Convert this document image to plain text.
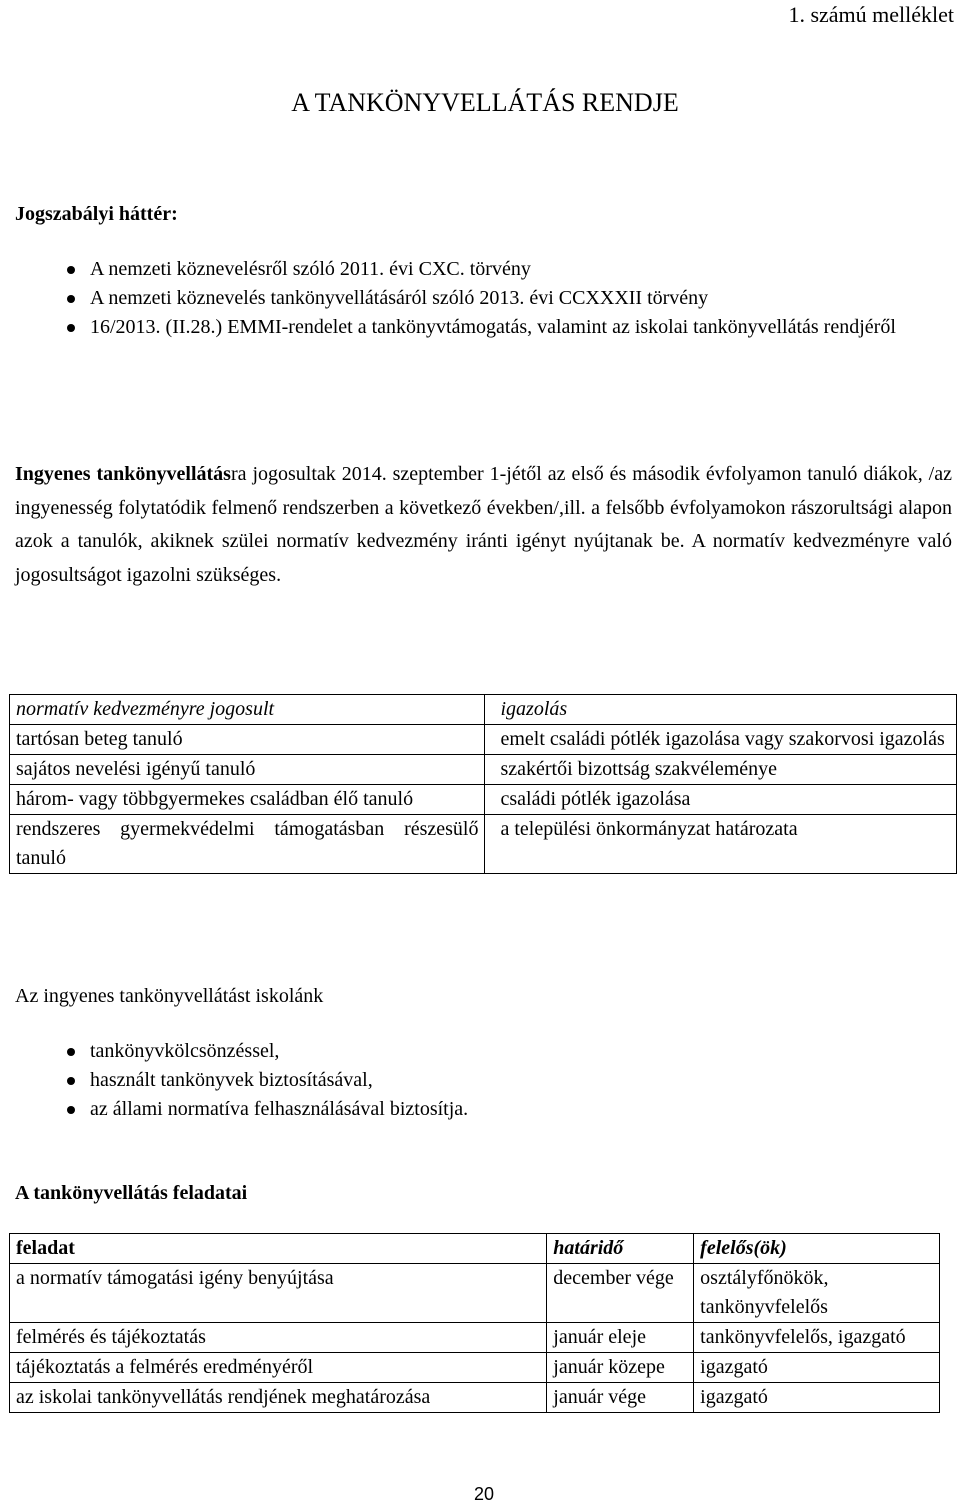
1. számú melléklet
A TANKÖNYVELLÁTÁS RENDJE
Jogszabályi háttér:
A nemzeti köznevelésről szóló 2011. évi CXC. törvény
A nemzeti köznevelés tankönyvellátásáról szóló 2013. évi CCXXXII törvény
16/2013. (II.28.) EMMI-rendelet a tankönyvtámogatás, valamint az iskolai tankönyvellátás rendjéről
Ingyenes tankönyvellátásra jogosultak 2014. szeptember 1-jétől az első és második évfolyamon tanuló diákok, /az ingyenesség folytatódik felmenő rendszerben a következő években/,ill. a felsőbb évfolyamokon rászorultsági alapon azok a tanulók, akiknek szülei normatív kedvezmény iránti igényt nyújtanak be. A normatív kedvezményre való jogosultságot igazolni szükséges.
normatív kedvezményre jogosult	igazolás
tartósan beteg tanuló	emelt családi pótlék igazolása vagy szakorvosi igazolás
sajátos nevelési igényű tanuló	szakértői bizottság szakvéleménye
három- vagy többgyermekes családban élő tanuló	családi pótlék igazolása
rendszeres gyermekvédelmi támogatásban részesülő tanuló	a települési önkormányzat határozata
Az ingyenes tankönyvellátást iskolánk
tankönyvkölcsönzéssel,
használt tankönyvek biztosításával,
az állami normatíva felhasználásával biztosítja.
A tankönyvellátás feladatai
feladat	határidő	felelős(ök)
a normatív támogatási igény benyújtása	december vége	osztályfőnökök, tankönyvfelelős
felmérés és tájékoztatás	január eleje	tankönyvfelelős, igazgató
tájékoztatás a felmérés eredményéről	január közepe	igazgató
az iskolai tankönyvellátás rendjének meghatározása	január vége	igazgató
20
